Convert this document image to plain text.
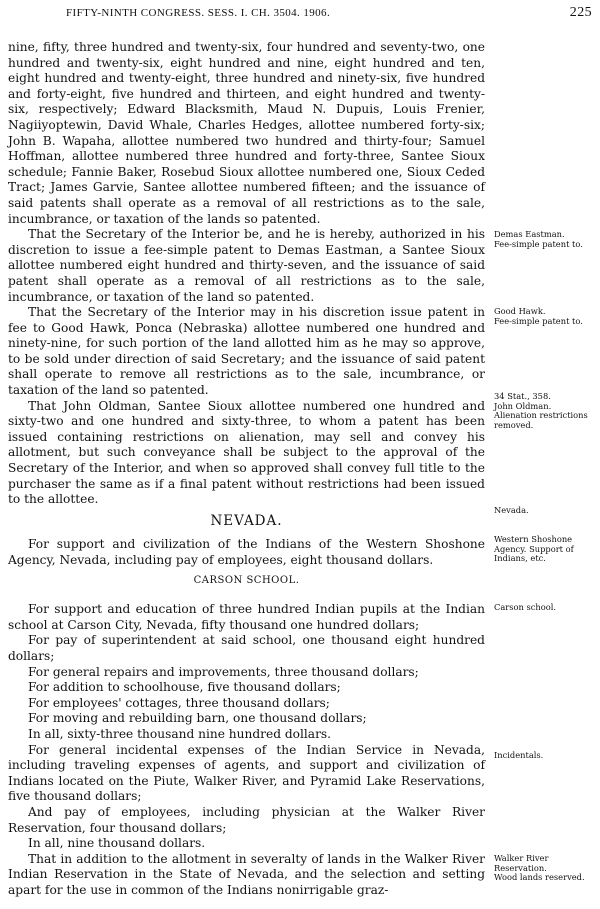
FIFTY-NINTH CONGRESS. SESS. I. CH. 3504. 1906.	225

nine, fifty, three hundred and twenty-six, four hundred and seventy-two, one hundred and twenty-six, eight hundred and nine, eight hundred and ten, eight hundred and twenty-eight, three hundred and ninety-six, five hundred and forty-eight, five hundred and thirteen, and eight hundred and twenty-six, respectively; Edward Blacksmith, Maud N. Dupuis, Louis Frenier, Nagiiyoptewin, David Whale, Charles Hedges, allottee numbered forty-six; John B. Wapaha, allottee numbered two hundred and thirty-four; Samuel Hoffman, allottee numbered three hundred and forty-three, Santee Sioux schedule; Fannie Baker, Rosebud Sioux allottee numbered one, Sioux Ceded Tract; James Garvie, Santee allottee numbered fifteen; and the issuance of said patents shall operate as a removal of all restrictions as to the sale, incumbrance, or taxation of the lands so patented.

That the Secretary of the Interior be, and he is hereby, authorized in his discretion to issue a fee-simple patent to Demas Eastman, a Santee Sioux allottee numbered eight hundred and thirty-seven, and the issuance of said patent shall operate as a removal of all restrictions as to the sale, incumbrance, or taxation of the land so patented.

That the Secretary of the Interior may in his discretion issue patent in fee to Good Hawk, Ponca (Nebraska) allottee numbered one hundred and ninety-nine, for such portion of the land allotted him as he may so approve, to be sold under direction of said Secretary; and the issuance of said patent shall operate to remove all restrictions as to the sale, incumbrance, or taxation of the land so patented.

That John Oldman, Santee Sioux allottee numbered one hundred and sixty-two and one hundred and sixty-three, to whom a patent has been issued containing restrictions on alienation, may sell and convey his allotment, but such conveyance shall be subject to the approval of the Secretary of the Interior, and when so approved shall convey full title to the purchaser the same as if a final patent without restrictions had been issued to the allottee.

NEVADA.

For support and civilization of the Indians of the Western Shoshone Agency, Nevada, including pay of employees, eight thousand dollars.

CARSON SCHOOL.

For support and education of three hundred Indian pupils at the Indian school at Carson City, Nevada, fifty thousand one hundred dollars;

For pay of superintendent at said school, one thousand eight hundred dollars;

For general repairs and improvements, three thousand dollars;

For addition to schoolhouse, five thousand dollars;

For employees' cottages, three thousand dollars;

For moving and rebuilding barn, one thousand dollars;

In all, sixty-three thousand nine hundred dollars.

For general incidental expenses of the Indian Service in Nevada, including traveling expenses of agents, and support and civilization of Indians located on the Piute, Walker River, and Pyramid Lake Reservations, five thousand dollars;

And pay of employees, including physician at the Walker River Reservation, four thousand dollars;

In all, nine thousand dollars.

That in addition to the allotment in severalty of lands in the Walker River Indian Reservation in the State of Nevada, and the selection and setting apart for the use in common of the Indians nonirrigable graz-

Demas Eastman.
Fee-simple patent to.
Good Hawk.
Fee-simple patent to.
34 Stat., 358.
John Oldman.
Alienation restrictions removed.
Nevada.
Western Shoshone Agency. Support of Indians, etc.
Carson school.
Incidentals.
Walker River Reservation.
Wood lands reserved.
